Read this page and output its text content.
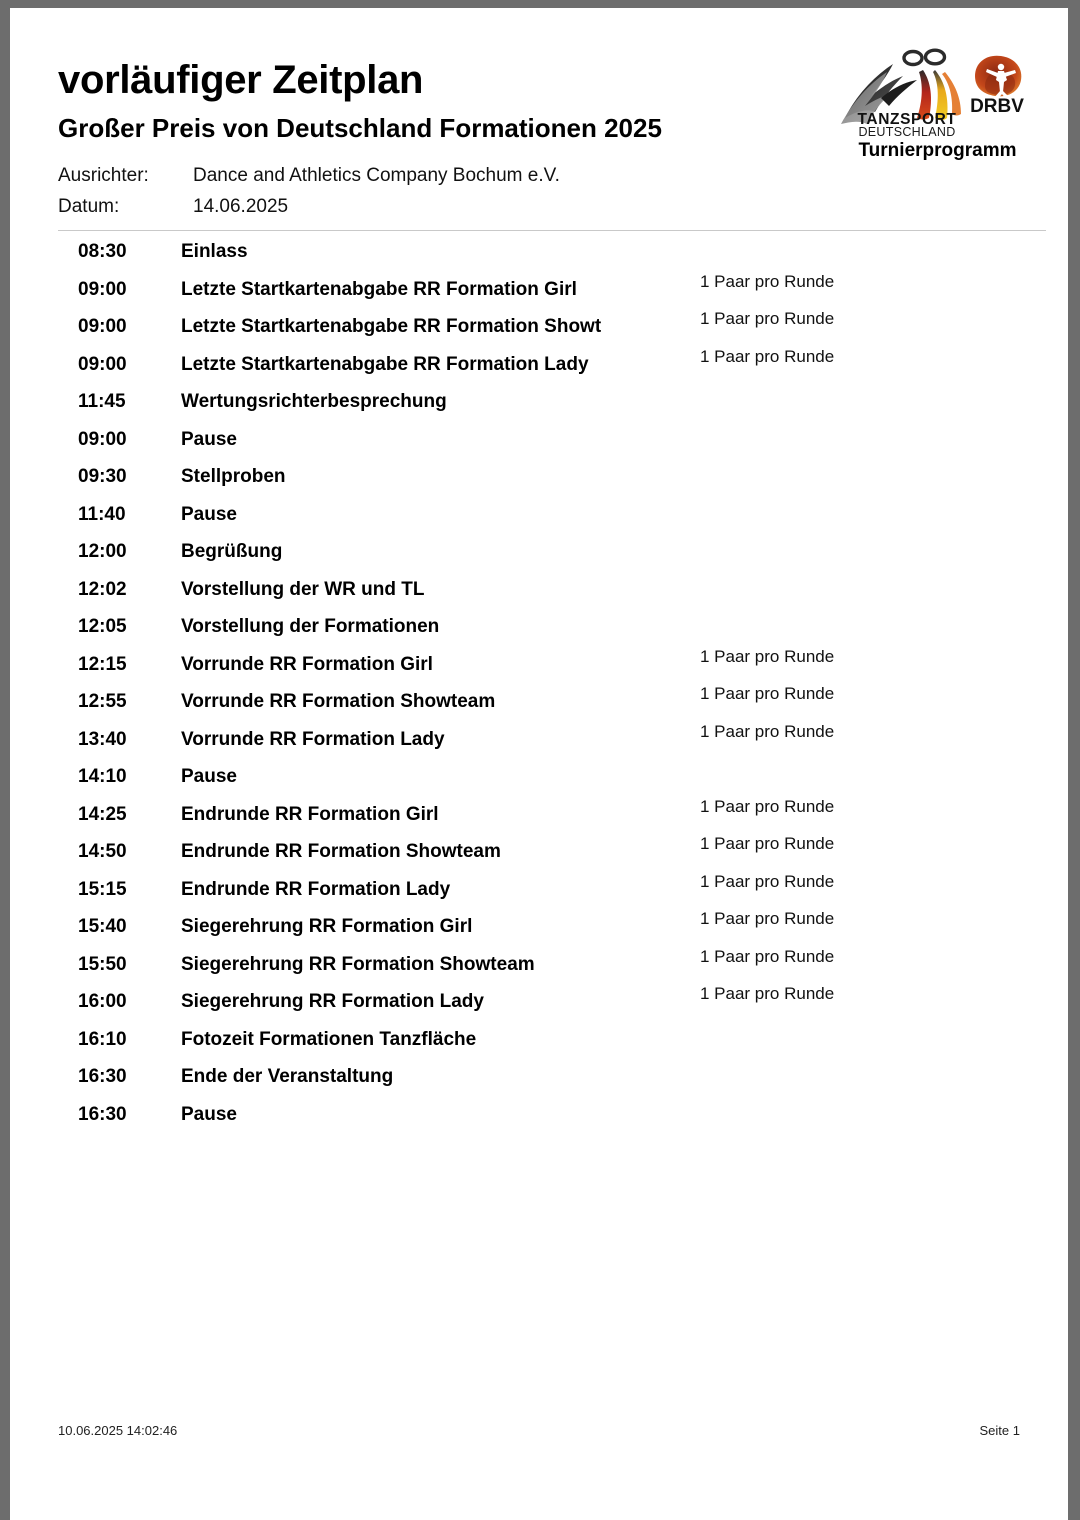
vorläufiger Zeitplan
Großer Preis von Deutschland Formationen 2025
Ausrichter: Dance and Athletics Company Bochum e.V.
Datum:	14.06.2025
DRBV
TANZSPORT
DEUTSCHLAND
Turnierprogramm
08:30	Einlass
09:00	Letzte Startkartenabgabe RR Formation Girl	1 Paar pro Runde
09:00	Letzte Startkartenabgabe RR Formation Showt	1 Paar pro Runde
09:00	Letzte Startkartenabgabe RR Formation Lady	1 Paar pro Runde
11:45	Wertungsrichterbesprechung
09:00	Pause
09:30	Stellproben
11:40	Pause
12:00	Begrüßung
12:02	Vorstellung der WR und TL
12:05	Vorstellung der Formationen
12:15	Vorrunde RR Formation Girl	1 Paar pro Runde
12:55	Vorrunde RR Formation Showteam	1 Paar pro Runde
13:40	Vorrunde RR Formation Lady	1 Paar pro Runde
14:10	Pause
14:25	Endrunde RR Formation Girl	1 Paar pro Runde
14:50	Endrunde RR Formation Showteam	1 Paar pro Runde
15:15	Endrunde RR Formation Lady	1 Paar pro Runde
15:40	Siegerehrung RR Formation Girl	1 Paar pro Runde
15:50	Siegerehrung RR Formation Showteam	1 Paar pro Runde
16:00	Siegerehrung RR Formation Lady	1 Paar pro Runde
16:10	Fotozeit Formationen Tanzfläche
16:30	Ende der Veranstaltung
16:30	Pause
10.06.2025 14:02:46	Seite 1
